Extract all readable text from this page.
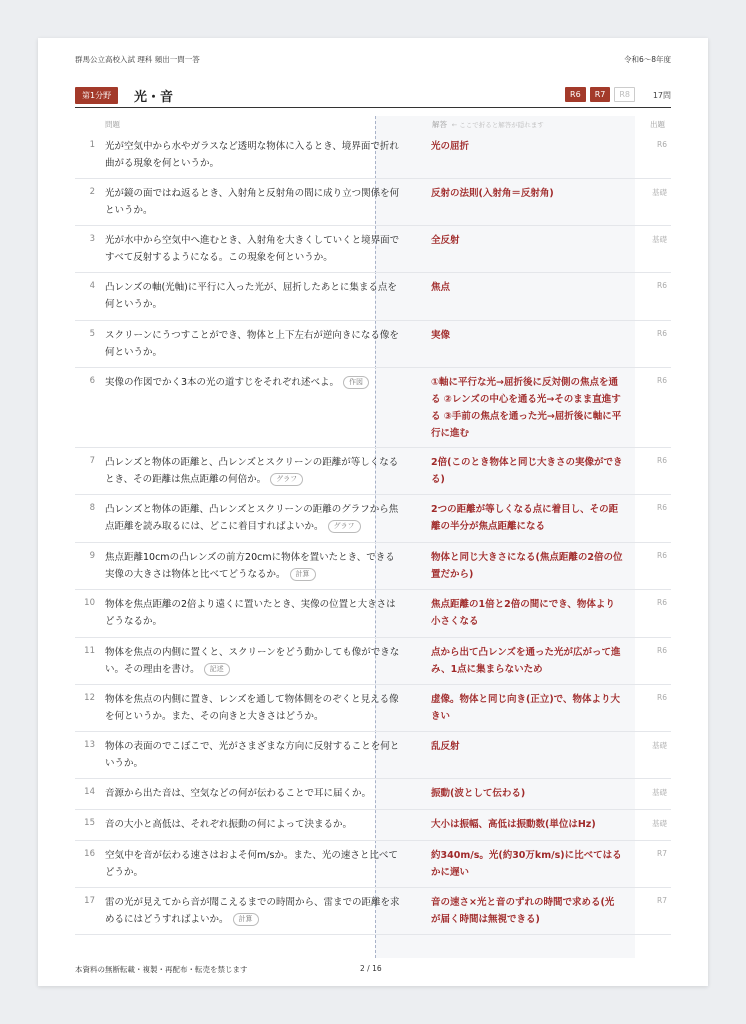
群馬公立高校入試 理科 頻出一問一答	令和6〜8年度
第1分野	光・音	R6	R7	R8	17問
問題	解答 ← ここで折ると解答が隠れます	出題
1 光が空気中から水やガラスなど透明な物体に入るとき、境界面で折れ曲がる現象を何というか。
光の屈折	R6
2 光が鏡の面ではね返るとき、入射角と反射角の間に成り立つ関係を何というか。
反射の法則(入射角＝反射角)	基礎
3 光が水中から空気中へ進むとき、入射角を大きくしていくと境界面ですべて反射するようになる。この現象を何というか。
全反射	基礎
4 凸レンズの軸(光軸)に平行に入った光が、屈折したあとに集まる点を何というか。
焦点	R6
5 スクリーンにうつすことができ、物体と上下左右が逆向きになる像を何というか。
実像	R6
6 実像の作図でかく3本の光の道すじをそれぞれ述べよ。 作図	①軸に平行な光→屈折後に反対側の焦点を通る ②レンズの中心を通る光→そのまま直進する ③手前の焦点を通った光→屈折後に軸に平行に進む
R6
7 凸レンズと物体の距離と、凸レンズとスクリーンの距離が等しくなるとき、その距離は焦点距離の何倍か。 グラフ
2倍(このとき物体と同じ大きさの実像ができる)
R6
8 凸レンズと物体の距離、凸レンズとスクリーンの距離のグラフから焦点距離を読み取るには、どこに着目すればよいか。 グラフ
2つの距離が等しくなる点に着目し、その距離の半分が焦点距離になる
R6
9 焦点距離10cmの凸レンズの前方20cmに物体を置いたとき、できる実像の大きさは物体と比べてどうなるか。 計算
物体と同じ大きさになる(焦点距離の2倍の位置だから)
R6
10 物体を焦点距離の2倍より遠くに置いたとき、実像の位置と大きさはどうなるか。
焦点距離の1倍と2倍の間にでき、物体より小さくなる
R6
11 物体を焦点の内側に置くと、スクリーンをどう動かしても像ができない。その理由を書け。 記述
点から出て凸レンズを通った光が広がって進み、1点に集まらないため
R6
12 物体を焦点の内側に置き、レンズを通して物体側をのぞくと見える像を何というか。また、その向きと大きさはどうか。
虚像。物体と同じ向き(正立)で、物体より大きい
R6
13 物体の表面のでこぼこで、光がさまざまな方向に反射することを何というか。
乱反射	基礎
14 音源から出た音は、空気などの何が伝わることで耳に届くか。	振動(波として伝わる)	基礎
15 音の大小と高低は、それぞれ振動の何によって決まるか。	大小は振幅、高低は振動数(単位はHz)	基礎
16 空気中を音が伝わる速さはおよそ何m/sか。また、光の速さと比べてどうか。
約340m/s。光(約30万km/s)に比べてはるかに遅い
R7
17 雷の光が見えてから音が聞こえるまでの時間から、雷までの距離を求めるにはどうすればよいか。 計算
音の速さ×光と音のずれの時間で求める(光が届く時間は無視できる)
R7
本資料の無断転載・複製・再配布・転売を禁じます	2 / 16
